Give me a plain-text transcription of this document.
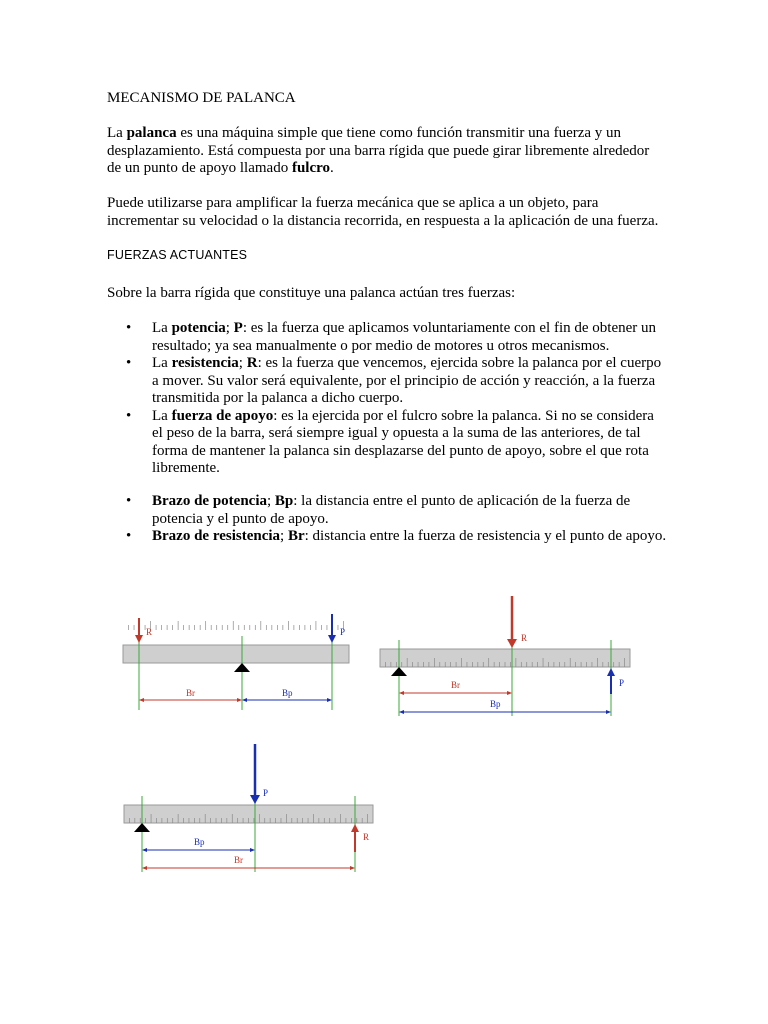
MECANISMO DE PALANCA
La palanca es una máquina simple que tiene como función transmitir una fuerza y un desplazamiento. Está compuesta por una barra rígida que puede girar libremente alrededor de un punto de apoyo llamado fulcro.
Puede utilizarse para amplificar la fuerza mecánica que se aplica a un objeto, para incrementar su velocidad o la distancia recorrida, en respuesta a la aplicación de una fuerza.
FUERZAS ACTUANTES
Sobre la barra rígida que constituye una palanca actúan tres fuerzas:
• La potencia; P: es la fuerza que aplicamos voluntariamente con el fin de obtener un resultado; ya sea manualmente o por medio de motores u otros mecanismos.
• La resistencia; R: es la fuerza que vencemos, ejercida sobre la palanca por el cuerpo a mover. Su valor será equivalente, por el principio de acción y reacción, a la fuerza transmitida por la palanca a dicho cuerpo.
• La fuerza de apoyo: es la ejercida por el fulcro sobre la palanca. Si no se considera el peso de la barra, será siempre igual y opuesta a la suma de las anteriores, de tal forma de mantener la palanca sin desplazarse del punto de apoyo, sobre el que rota libremente.
• Brazo de potencia; Bp: la distancia entre el punto de aplicación de la fuerza de potencia y el punto de apoyo.
• Brazo de resistencia; Br: distancia entre la fuerza de resistencia y el punto de apoyo.
R	P
Br	Bp
R
P
Br
Bp
P
R
Bp
Br
